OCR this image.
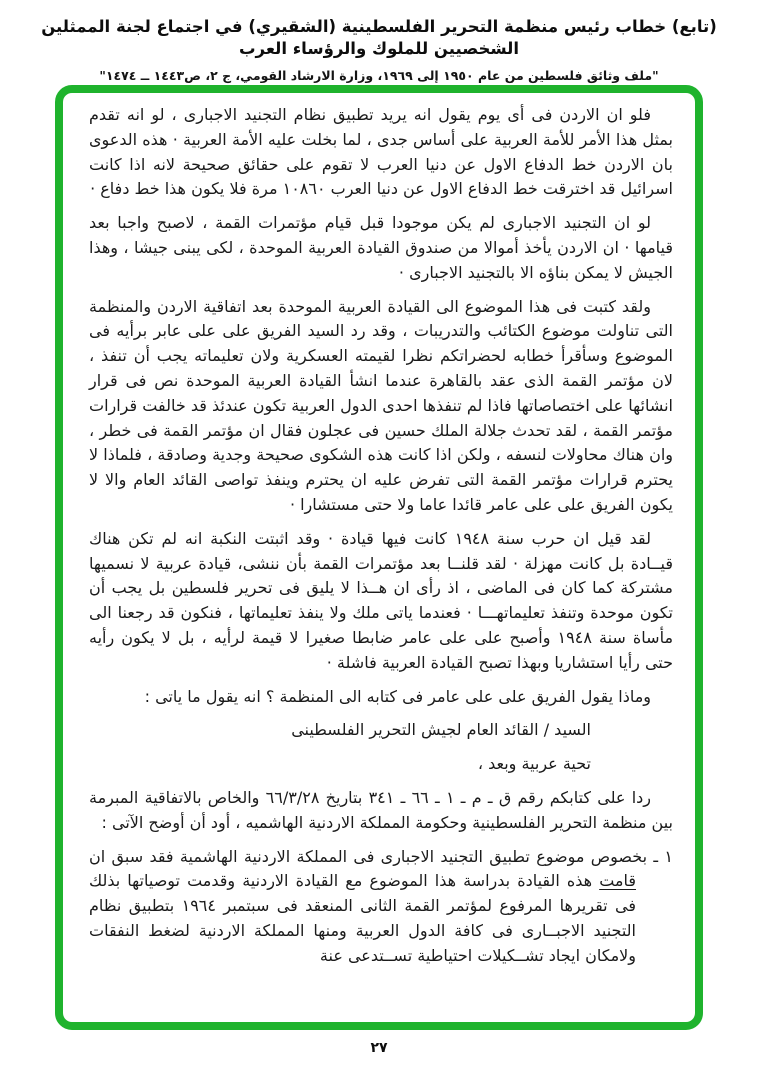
(تابع) خطاب رئيس منظمة التحرير الفلسطينية (الشقيري) في اجتماع لجنة الممثلين الشخصيين للملوك والرؤساء العرب
"ملف وثائق فلسطين من عام ١٩٥٠ إلى ١٩٦٩، وزارة الارشاد القومي، ج ٢، ص١٤٤٣ ــ ١٤٧٤"

فلو ان الاردن فى أى يوم يقول انه يريد تطبيق نظام التجنيد الاجبارى ، لو انه تقدم بمثل هذا الأمر للأمة العربية على أساس جدى ، لما بخلت عليه الأمة العربية · هذه الدعوى بان الاردن خط الدفاع الاول عن دنيا العرب لا تقوم على حقائق صحيحة لانه اذا كانت اسرائيل قد اخترقت خط الدفاع الاول عن دنيا العرب ١٠٨٦٠ مرة فلا يكون هذا خط دفاع ·

لو ان التجنيد الاجبارى لم يكن موجودا قبل قيام مؤتمرات القمة ، لاصبح واجبا بعد قيامها · ان الاردن يأخذ أموالا من صندوق القيادة العربية الموحدة ، لكى يبنى جيشا ، وهذا الجيش لا يمكن بناؤه الا بالتجنيد الاجبارى ·

ولقد كتبت فى هذا الموضوع الى القيادة العربية الموحدة بعد اتفاقية الاردن والمنظمة التى تناولت موضوع الكتائب والتدريبات ، وقد رد السيد الفريق على على عابر برأيه فى الموضوع وسأقرأ خطابه لحضراتكم نظرا لقيمته العسكرية ولان تعليماته يجب أن تنفذ ، لان مؤتمر القمة الذى عقد بالقاهرة عندما انشأ القيادة العربية الموحدة نص فى قرار انشائها على اختصاصاتها فاذا لم تنفذها احدى الدول العربية تكون عندئذ قد خالفت قرارات مؤتمر القمة ، لقد تحدث جلالة الملك حسين فى عجلون فقال ان مؤتمر القمة فى خطر ، وان هناك محاولات لنسفه ، ولكن اذا كانت هذه الشكوى صحيحة وجدية وصادقة ، فلماذا لا يحترم قرارات مؤتمر القمة التى تفرض عليه ان يحترم وينفذ تواصى القائد العام والا لا يكون الفريق على على عامر قائدا عاما ولا حتى مستشارا ·

لقد قيل ان حرب سنة ١٩٤٨ كانت فيها قيادة · وقد اثبتت النكبة انه لم تكن هناك قيــادة بل كانت مهزلة · لقد قلنــا بعد مؤتمرات القمة بأن ننشى، قيادة عربية لا نسميها مشتركة كما كان فى الماضى ، اذ رأى ان هــذا لا يليق فى تحرير فلسطين بل يجب أن تكون موحدة وتنفذ تعليماتهـــا · فعندما ياتى ملك ولا ينفذ تعليماتها ، فنكون قد رجعنا الى مأساة سنة ١٩٤٨ وأصبح على على عامر ضابطا صغيرا لا قيمة لرأيه ، بل لا يكون رأيه حتى رأيا استشاريا وبهذا تصبح القيادة العربية فاشلة ·

وماذا يقول الفريق على على عامر فى كتابه الى المنظمة ؟ انه يقول ما ياتى :

السيد / القائد العام لجيش التحرير الفلسطينى

تحية عربية وبعد ،

ردا على كتابكم رقم ق ـ م ـ ١ ـ ٦٦ ـ ٣٤١ بتاريخ ٦٦/٣/٢٨ والخاص بالاتفاقية المبرمة بين منظمة التحرير الفلسطينية وحكومة المملكة الاردنية الهاشميه ، أود أن أوضح الآتى :

١ ـ بخصوص موضوع تطبيق التجنيد الاجبارى فى المملكة الاردنية الهاشمية فقد سبق ان قامت هذه القيادة بدراسة هذا الموضوع مع القيادة الاردنية وقدمت توصياتها بذلك فى تقريرها المرفوع لمؤتمر القمة الثانى المنعقد فى سبتمبر ١٩٦٤ بتطبيق نظام التجنيد الاجبــارى فى كافة الدول العربية ومنها المملكة الاردنية لضغط النفقات ولامكان ايجاد تشــكيلات احتياطية تســتدعى عنة

٢٧
